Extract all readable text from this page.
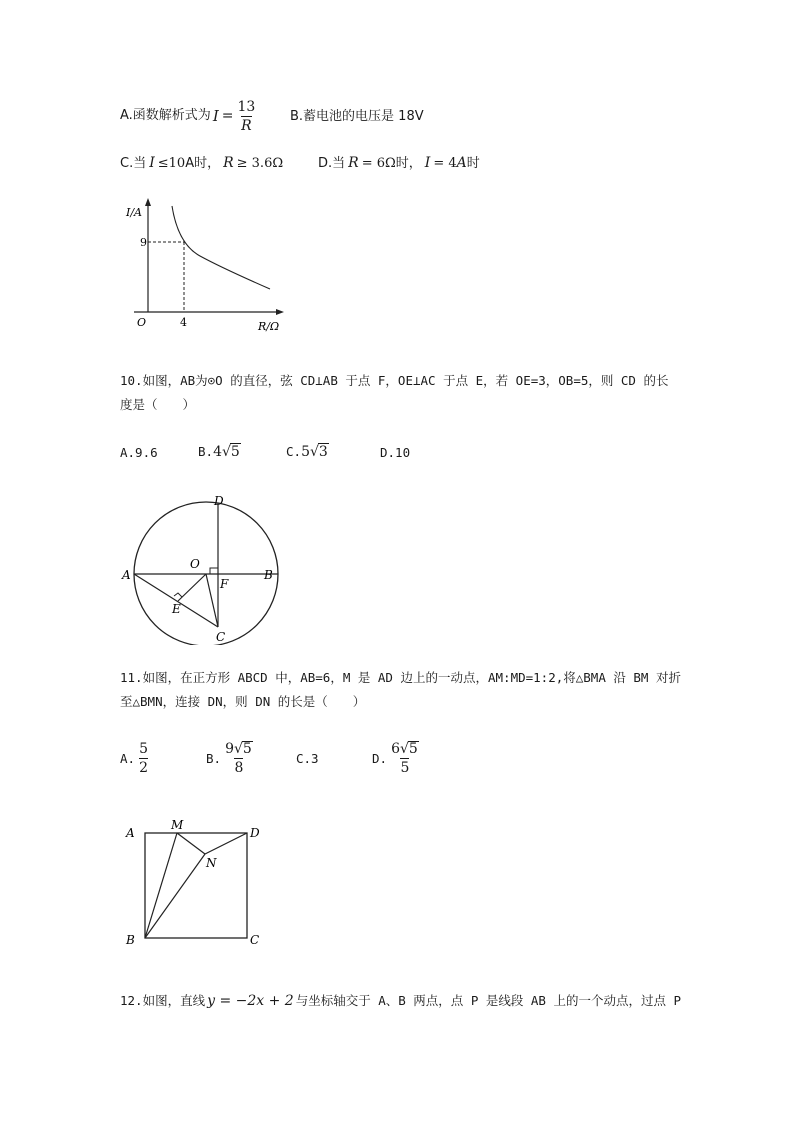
A.函数解析式为 $I = \frac{13}{R}$	B.蓄电池的电压是 18V
C.当 I ≤10A时， R ≥ 3.6Ω	D.当 R = 6Ω时， I = 4A时
I/A
R/Ω
O
9
4
10.如图，AB为⊙O 的直径，弦 CD⊥AB 于点 F，OE⊥AC 于点 E，若 OE=3，OB=5，则 CD 的长
度是（　　）
A.9.6	B.4√5	C.5√3	D.10
D
O
A
F
B
E
C
11.如图，在正方形 ABCD 中，AB=6，M 是 AD 边上的一动点，AM:MD=1:2,将△BMA 沿 BM 对折
至△BMN，连接 DN，则 DN 的长是（　　）
A. $\frac{5}{2}$	B. $\frac{9√5}{8}$	C.3	D. $\frac{6√5}{5}$
A
M
D
N
B	C
12.如图，直线 y = −2x + 2 与坐标轴交于 A、B 两点，点 P 是线段 AB 上的一个动点，过点 P
